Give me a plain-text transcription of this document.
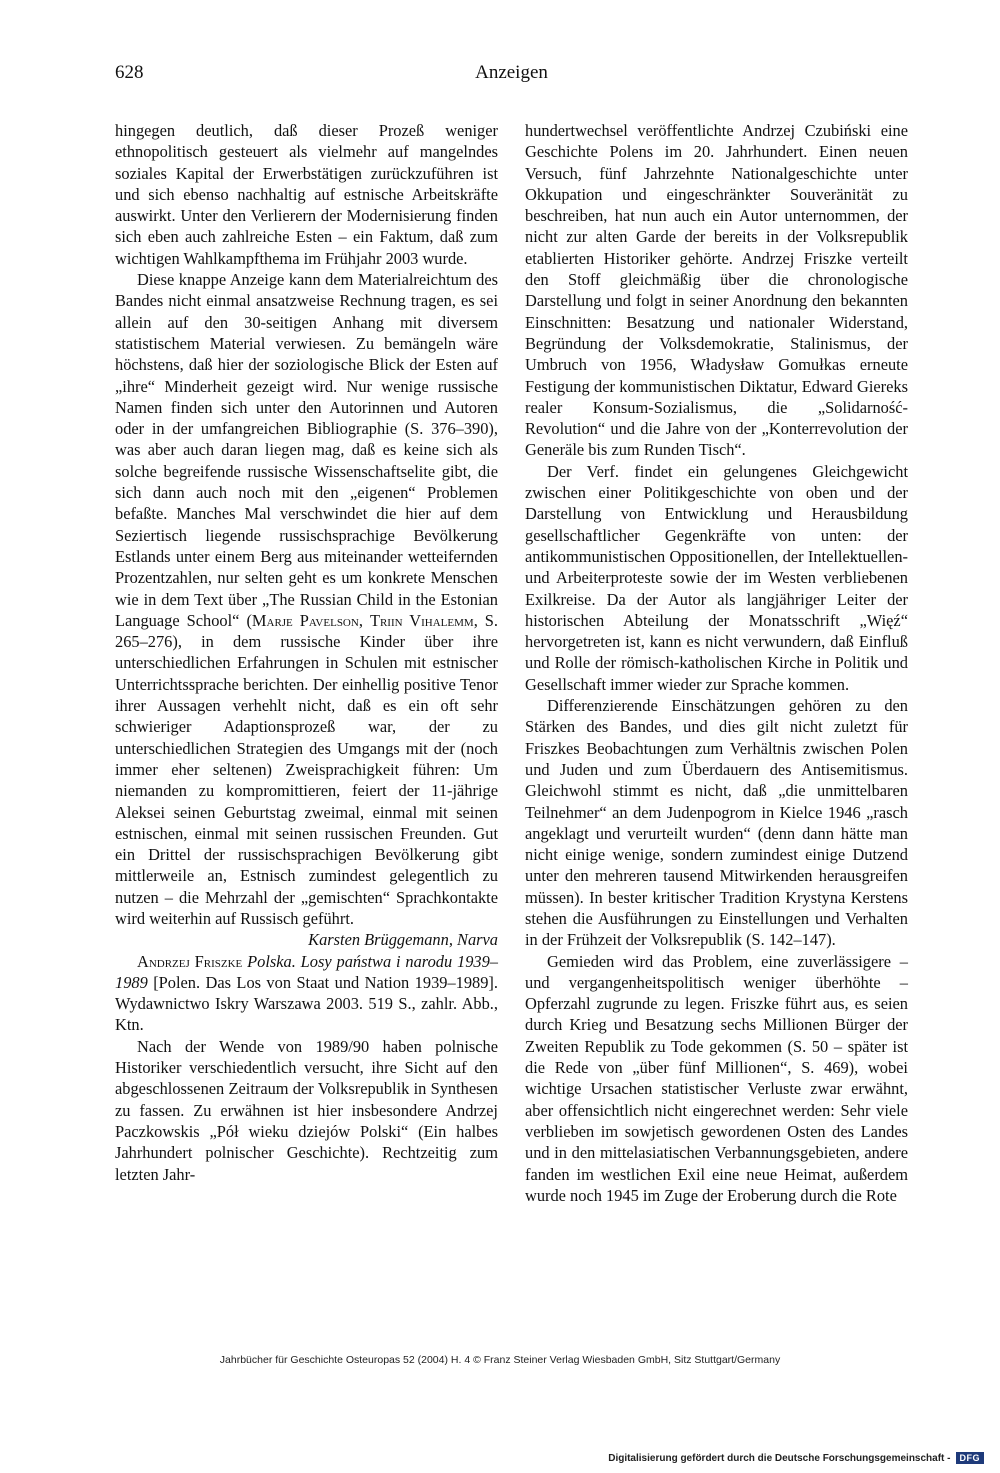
628	Anzeigen

hingegen deutlich, daß dieser Prozeß weniger ethnopolitisch gesteuert als vielmehr auf mangelndes soziales Kapital der Erwerbstätigen zurückzuführen ist und sich ebenso nachhaltig auf estnische Arbeitskräfte auswirkt. Unter den Verlierern der Modernisierung finden sich eben auch zahlreiche Esten – ein Faktum, daß zum wichtigen Wahlkampfthema im Frühjahr 2003 wurde.

Diese knappe Anzeige kann dem Materialreichtum des Bandes nicht einmal ansatzweise Rechnung tragen, es sei allein auf den 30-seitigen Anhang mit diversem statistischem Material verwiesen. Zu bemängeln wäre höchstens, daß hier der soziologische Blick der Esten auf „ihre“ Minderheit gezeigt wird. Nur wenige russische Namen finden sich unter den Autorinnen und Autoren oder in der umfangreichen Bibliographie (S. 376–390), was aber auch daran liegen mag, daß es keine sich als solche begreifende russische Wissenschaftselite gibt, die sich dann auch noch mit den „eigenen“ Problemen befaßte. Manches Mal verschwindet die hier auf dem Seziertisch liegende russischsprachige Bevölkerung Estlands unter einem Berg aus miteinander wetteifernden Prozentzahlen, nur selten geht es um konkrete Menschen wie in dem Text über „The Russian Child in the Estonian Language School“ (Marje Pavelson, Triin Vihalemm, S. 265–276), in dem russische Kinder über ihre unterschiedlichen Erfahrungen in Schulen mit estnischer Unterrichtssprache berichten. Der einhellig positive Tenor ihrer Aussagen verhehlt nicht, daß es ein oft sehr schwieriger Adaptionsprozeß war, der zu unterschiedlichen Strategien des Umgangs mit der (noch immer eher seltenen) Zweisprachigkeit führen: Um niemanden zu kompromittieren, feiert der 11-jährige Aleksei seinen Geburtstag zweimal, einmal mit seinen estnischen, einmal mit seinen russischen Freunden. Gut ein Drittel der russischsprachigen Bevölkerung gibt mittlerweile an, Estnisch zumindest gelegentlich zu nutzen – die Mehrzahl der „gemischten“ Sprachkontakte wird weiterhin auf Russisch geführt.

Karsten Brüggemann, Narva

Andrzej Friszke Polska. Losy państwa i narodu 1939–1989 [Polen. Das Los von Staat und Nation 1939–1989]. Wydawnictwo Iskry Warszawa 2003. 519 S., zahlr. Abb., Ktn.

Nach der Wende von 1989/90 haben polnische Historiker verschiedentlich versucht, ihre Sicht auf den abgeschlossenen Zeitraum der Volksrepublik in Synthesen zu fassen. Zu erwähnen ist hier insbesondere Andrzej Paczkowskis „Pół wieku dziejów Polski“ (Ein halbes Jahrhundert polnischer Geschichte). Rechtzeitig zum letzten Jahr-

hundertwechsel veröffentlichte Andrzej Czubiński eine Geschichte Polens im 20. Jahrhundert. Einen neuen Versuch, fünf Jahrzehnte Nationalgeschichte unter Okkupation und eingeschränkter Souveränität zu beschreiben, hat nun auch ein Autor unternommen, der nicht zur alten Garde der bereits in der Volksrepublik etablierten Historiker gehörte. Andrzej Friszke verteilt den Stoff gleichmäßig über die chronologische Darstellung und folgt in seiner Anordnung den bekannten Einschnitten: Besatzung und nationaler Widerstand, Begründung der Volksdemokratie, Stalinismus, der Umbruch von 1956, Władysław Gomułkas erneute Festigung der kommunistischen Diktatur, Edward Giereks realer Konsum-Sozialismus, die „Solidarność-Revolution“ und die Jahre von der „Konterrevolution der Generäle bis zum Runden Tisch“.

Der Verf. findet ein gelungenes Gleichgewicht zwischen einer Politikgeschichte von oben und der Darstellung von Entwicklung und Herausbildung gesellschaftlicher Gegenkräfte von unten: der antikommunistischen Oppositionellen, der Intellektuellen- und Arbeiterproteste sowie der im Westen verbliebenen Exilkreise. Da der Autor als langjähriger Leiter der historischen Abteilung der Monatsschrift „Więź“ hervorgetreten ist, kann es nicht verwundern, daß Einfluß und Rolle der römisch-katholischen Kirche in Politik und Gesellschaft immer wieder zur Sprache kommen.

Differenzierende Einschätzungen gehören zu den Stärken des Bandes, und dies gilt nicht zuletzt für Friszkes Beobachtungen zum Verhältnis zwischen Polen und Juden und zum Überdauern des Antisemitismus. Gleichwohl stimmt es nicht, daß „die unmittelbaren Teilnehmer“ an dem Judenpogrom in Kielce 1946 „rasch angeklagt und verurteilt wurden“ (denn dann hätte man nicht einige wenige, sondern zumindest einige Dutzend unter den mehreren tausend Mitwirkenden herausgreifen müssen). In bester kritischer Tradition Krystyna Kerstens stehen die Ausführungen zu Einstellungen und Verhalten in der Frühzeit der Volksrepublik (S. 142–147).

Gemieden wird das Problem, eine zuverlässigere – und vergangenheitspolitisch weniger überhöhte – Opferzahl zugrunde zu legen. Friszke führt aus, es seien durch Krieg und Besatzung sechs Millionen Bürger der Zweiten Republik zu Tode gekommen (S. 50 – später ist die Rede von „über fünf Millionen“, S. 469), wobei wichtige Ursachen statistischer Verluste zwar erwähnt, aber offensichtlich nicht eingerechnet werden: Sehr viele verblieben im sowjetisch gewordenen Osten des Landes und in den mittelasiatischen Verbannungsgebieten, andere fanden im westlichen Exil eine neue Heimat, außerdem wurde noch 1945 im Zuge der Eroberung durch die Rote

Jahrbücher für Geschichte Osteuropas 52 (2004) H. 4 © Franz Steiner Verlag Wiesbaden GmbH, Sitz Stuttgart/Germany
Digitalisierung gefördert durch die Deutsche Forschungsgemeinschaft -	DFG
